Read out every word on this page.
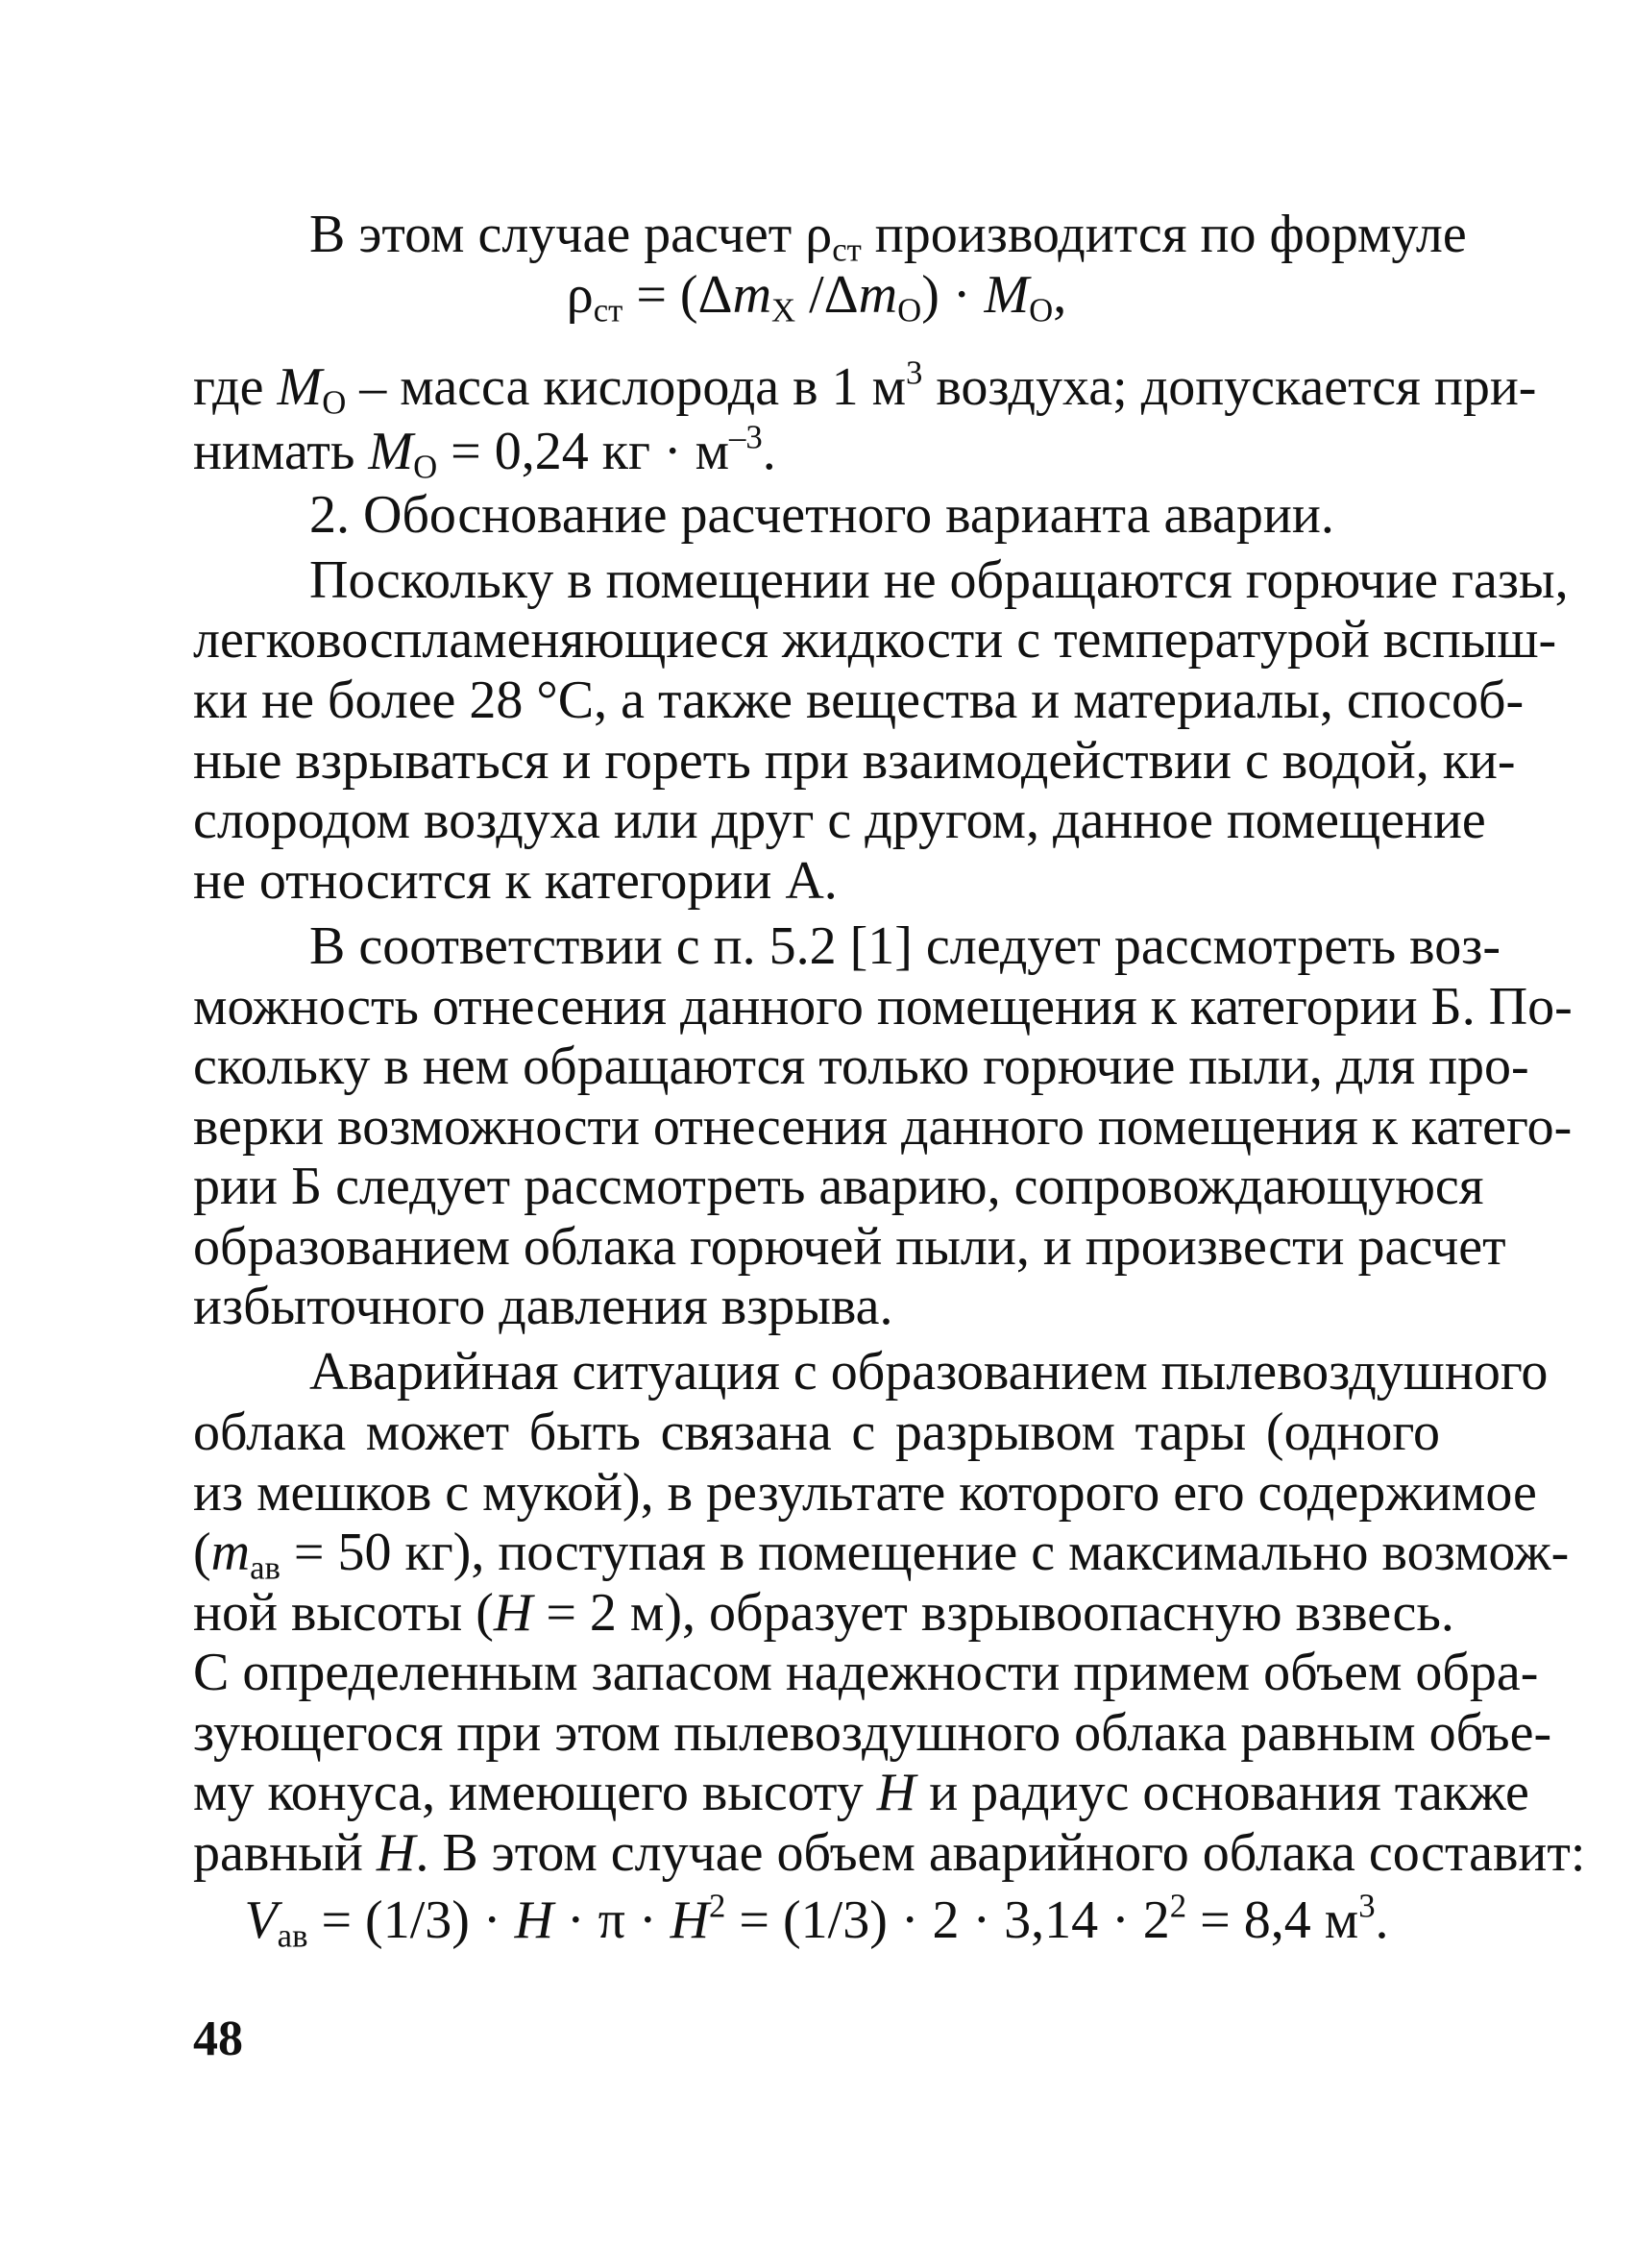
В этом случае расчет $\rho_{ст}$ производится по формуле
$\rho_{ст} = (\Delta m_X$ $/\Delta m_O) \cdot M_O$,
где $M_O$ – масса кислорода в 1 $м^3$ воздуха; допускается при-
нимать $M_O = 0,24$ кг · $м^{-3}$.
2. Обоснование расчетного варианта аварии.
Поскольку в помещении не обращаются горючие газы,
легковоспламеняющиеся жидкости с температурой вспыш-
ки не более 28 °С, а также вещества и материалы, способ-
ные взрываться и гореть при взаимодействии с водой, ки-
слородом воздуха или друг с другом, данное помещение
не относится к категории А.
В соответствии с п. 5.2 [1] следует рассмотреть воз-
можность отнесения данного помещения к категории Б. По-
скольку в нем обращаются только горючие пыли, для про-
верки возможности отнесения данного помещения к катего-
рии Б следует рассмотреть аварию, сопровождающуюся
образованием облака горючей пыли, и произвести расчет
избыточного давления взрыва.
Аварийная ситуация с образованием пылевоздушного
облака может быть связана с разрывом тары (одного
из мешков с мукой), в результате которого его содержимое
($m_{ав} = 50$ кг), поступая в помещение с максимально возмож-
ной высоты (H = 2 м), образует взрывоопасную взвесь.
С определенным запасом надежности примем объем обра-
зующегося при этом пылевоздушного облака равным объе-
му конуса, имеющего высоту H и радиус основания также
равный H. В этом случае объем аварийного облака составит:
$V_{ав} = (1/3) \cdot H \cdot \pi \cdot H^2 = (1/3) \cdot 2 \cdot 3,14 \cdot 2^2 = 8,4$ $м^3$.
48
